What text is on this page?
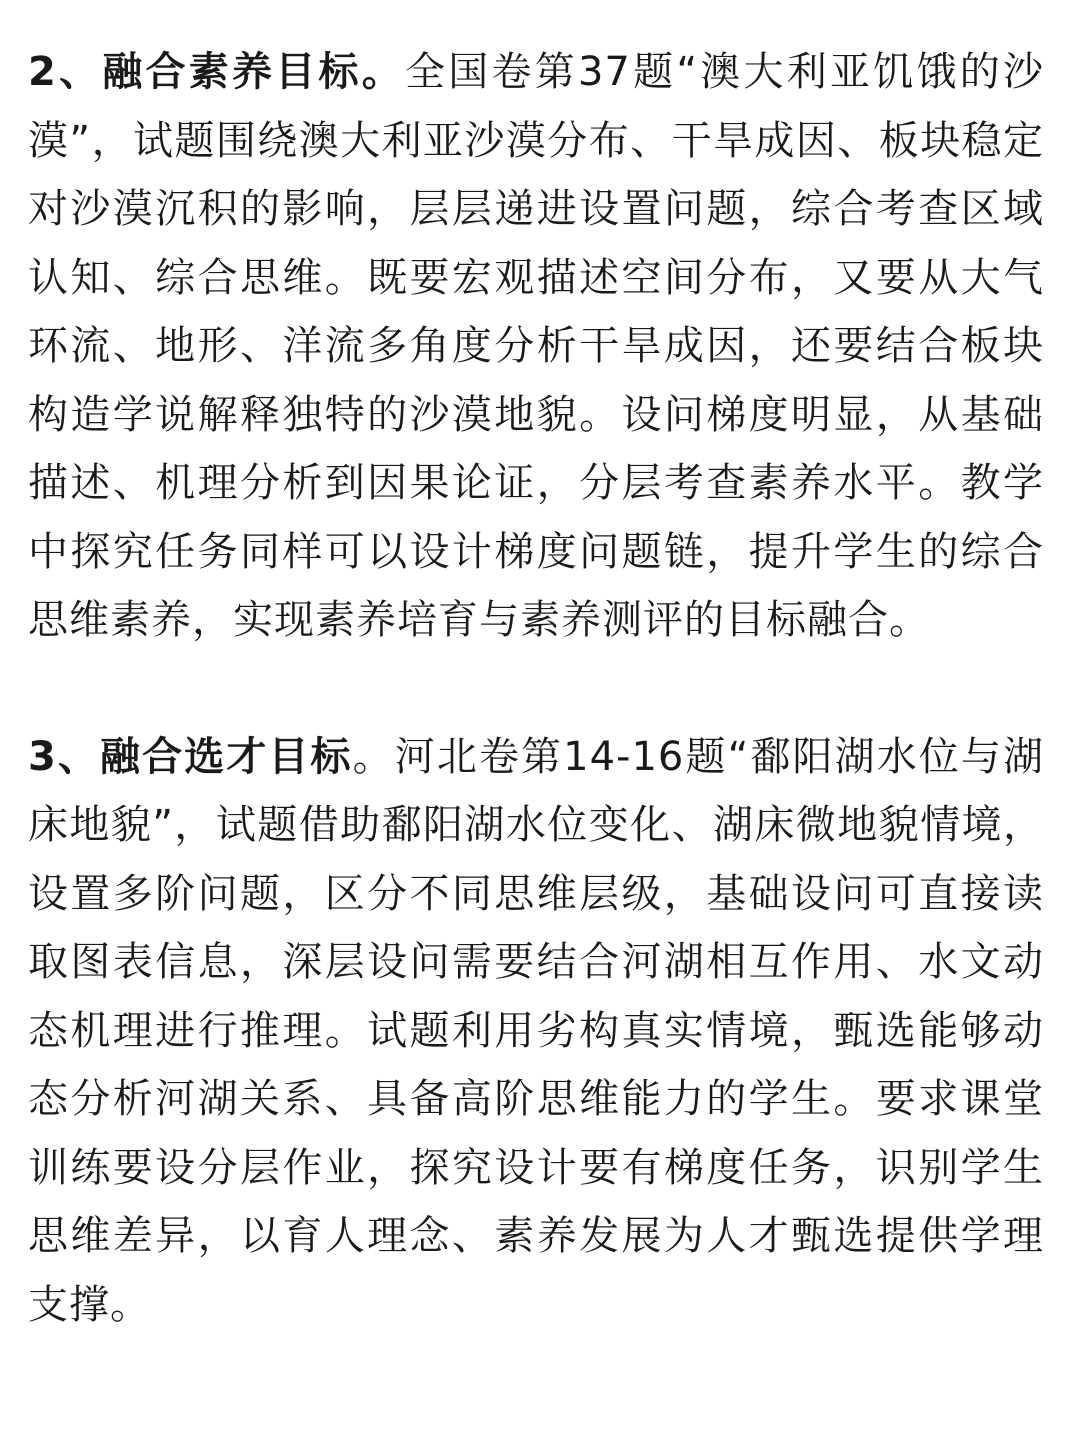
2、融合素养目标。全国卷第37题“澳大利亚饥饿的沙漠”，试题围绕澳大利亚沙漠分布、干旱成因、板块稳定对沙漠沉积的影响，层层递进设置问题，综合考查区域认知、综合思维。既要宏观描述空间分布，又要从大气环流、地形、洋流多角度分析干旱成因，还要结合板块构造学说解释独特的沙漠地貌。设问梯度明显，从基础描述、机理分析到因果论证，分层考查素养水平。教学中探究任务同样可以设计梯度问题链，提升学生的综合思维素养，实现素养培育与素养测评的目标融合。

3、融合选才目标。河北卷第14-16题“鄱阳湖水位与湖床地貌”，试题借助鄱阳湖水位变化、湖床微地貌情境，设置多阶问题，区分不同思维层级，基础设问可直接读取图表信息，深层设问需要结合河湖相互作用、水文动态机理进行推理。试题利用劣构真实情境，甄选能够动态分析河湖关系、具备高阶思维能力的学生。要求课堂训练要设分层作业，探究设计要有梯度任务，识别学生思维差异，以育人理念、素养发展为人才甄选提供学理支撑。
